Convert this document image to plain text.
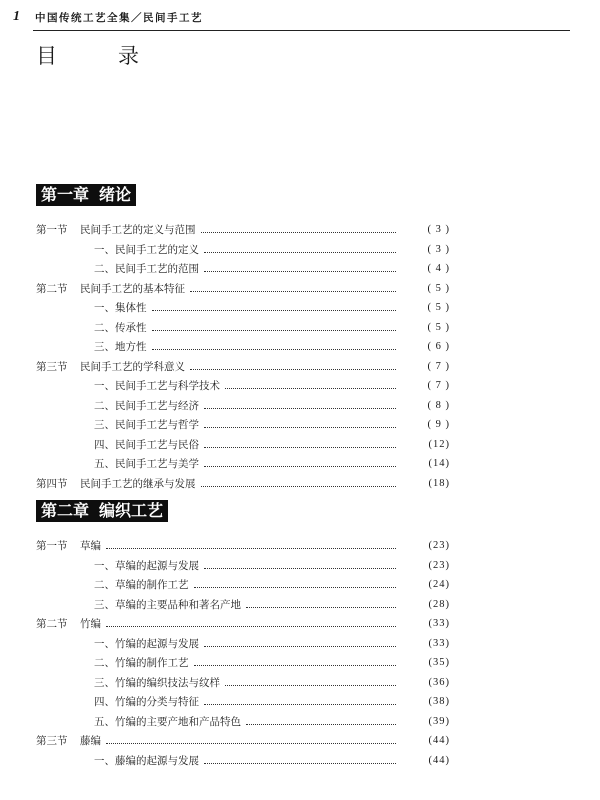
1 中国传统工艺全集／民间手工艺
目　录
第一章 绪论
第一节	民间手工艺的定义与范围	( 3 )
一、民间手工艺的定义	( 3 )
二、民间手工艺的范围	( 4 )
第二节	民间手工艺的基本特征	( 5 )
一、集体性	( 5 )
二、传承性	( 5 )
三、地方性	( 6 )
第三节	民间手工艺的学科意义	( 7 )
一、民间手工艺与科学技术	( 7 )
二、民间手工艺与经济	( 8 )
三、民间手工艺与哲学	( 9 )
四、民间手工艺与民俗	(12)
五、民间手工艺与美学	(14)
第四节	民间手工艺的继承与发展	(18)
第二章 编织工艺
第一节	草编	(23)
一、草编的起源与发展	(23)
二、草编的制作工艺	(24)
三、草编的主要品种和著名产地	(28)
第二节	竹编	(33)
一、竹编的起源与发展	(33)
二、竹编的制作工艺	(35)
三、竹编的编织技法与纹样	(36)
四、竹编的分类与特征	(38)
五、竹编的主要产地和产品特色	(39)
第三节	藤编	(44)
一、藤编的起源与发展	(44)
